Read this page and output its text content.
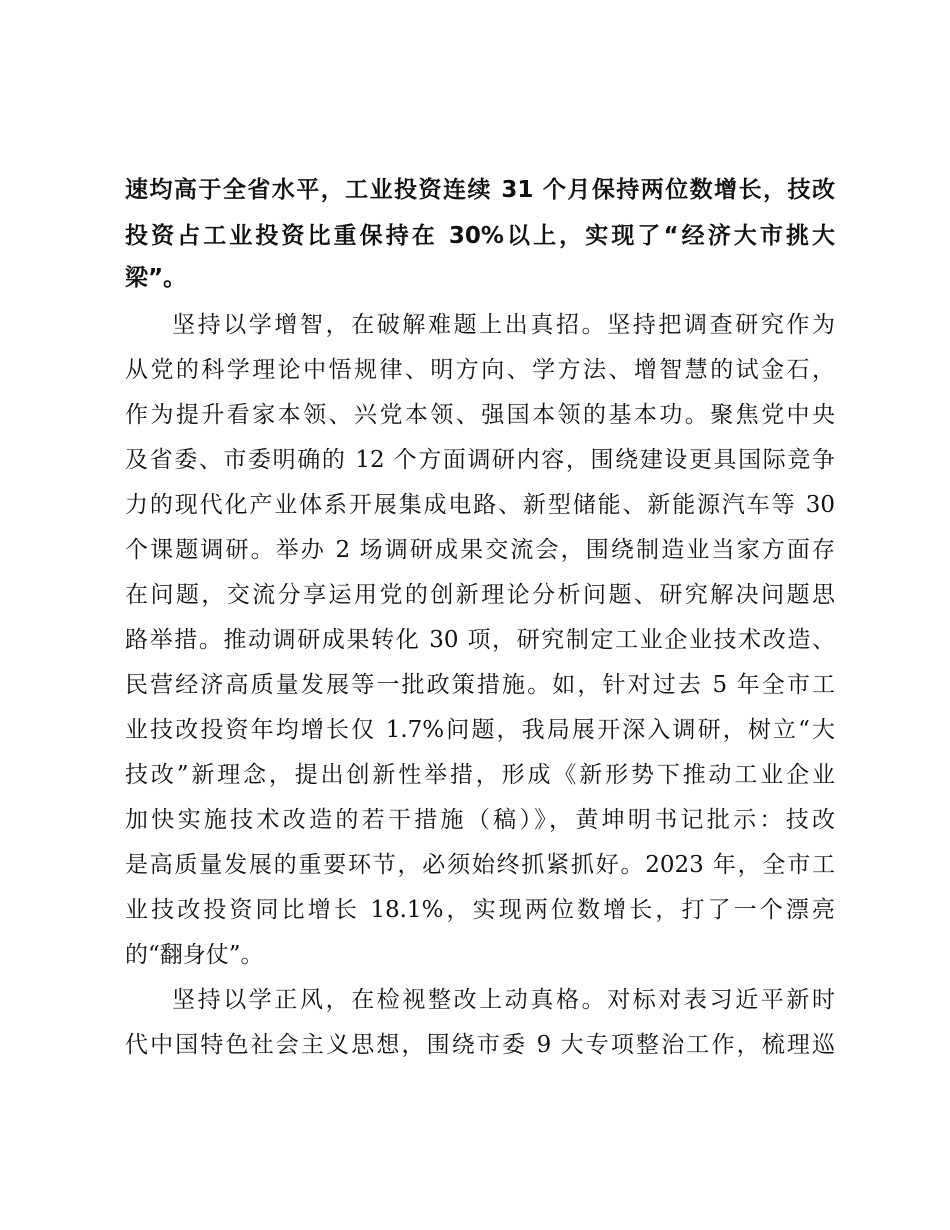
速均高于全省水平，工业投资连续 31 个月保持两位数增长，技改
投资占工业投资比重保持在 30%以上，实现了“经济大市挑大
梁”。
坚持以学增智，在破解难题上出真招。坚持把调查研究作为
从党的科学理论中悟规律、明方向、学方法、增智慧的试金石，
作为提升看家本领、兴党本领、强国本领的基本功。聚焦党中央
及省委、市委明确的 12 个方面调研内容，围绕建设更具国际竞争
力的现代化产业体系开展集成电路、新型储能、新能源汽车等 30
个课题调研。举办 2 场调研成果交流会，围绕制造业当家方面存
在问题，交流分享运用党的创新理论分析问题、研究解决问题思
路举措。推动调研成果转化 30 项，研究制定工业企业技术改造、
民营经济高质量发展等一批政策措施。如，针对过去 5 年全市工
业技改投资年均增长仅 1.7%问题，我局展开深入调研，树立“大
技改”新理念，提出创新性举措，形成《新形势下推动工业企业
加快实施技术改造的若干措施（稿）》，黄坤明书记批示：技改
是高质量发展的重要环节，必须始终抓紧抓好。2023 年，全市工
业技改投资同比增长 18.1%，实现两位数增长，打了一个漂亮
的“翻身仗”。
坚持以学正风，在检视整改上动真格。对标对表习近平新时
代中国特色社会主义思想，围绕市委 9 大专项整治工作，梳理巡
